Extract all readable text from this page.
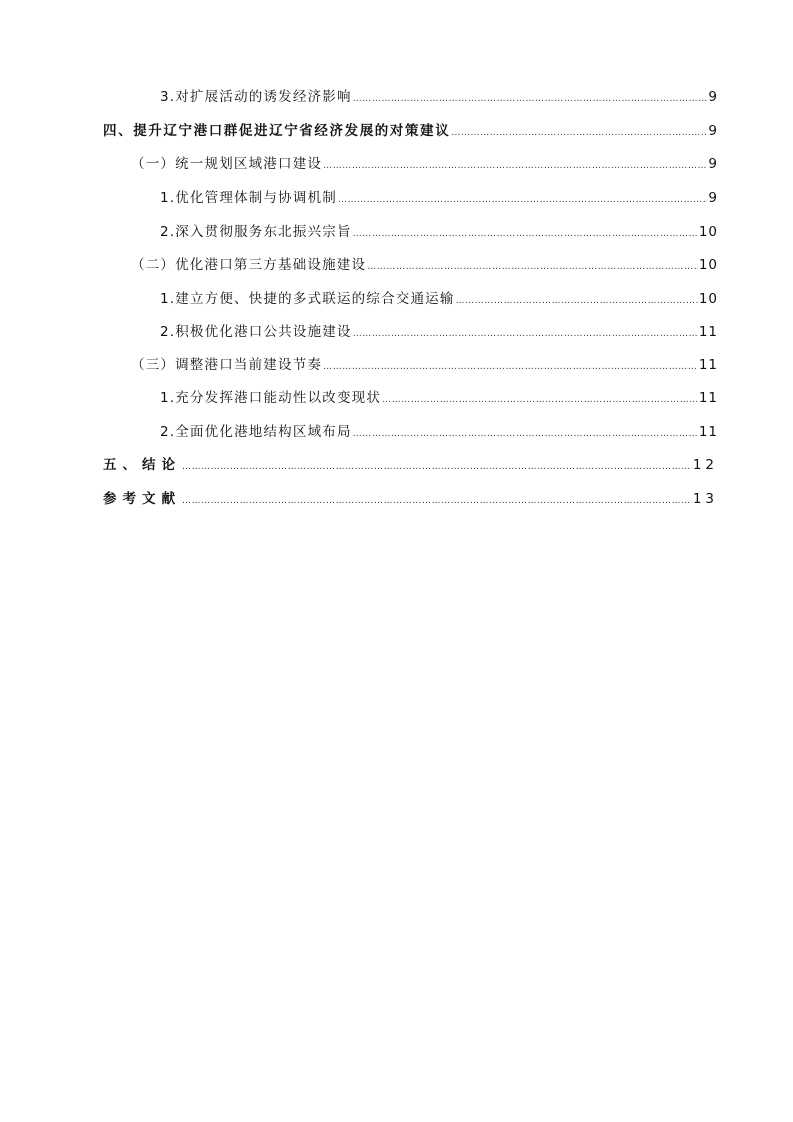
3.对扩展活动的诱发经济影响 …………………………………………………………………………………………………………………………………………………………………………………………………………………………………………………………………………	9
四、提升辽宁港口群促进辽宁省经济发展的对策建议 …………………………………………………………………………………………………………………………………………………………………………………………………………………………………………………………………………	9
（一）统一规划区域港口建设 …………………………………………………………………………………………………………………………………………………………………………………………………………………………………………………………………………	9
1.优化管理体制与协调机制 …………………………………………………………………………………………………………………………………………………………………………………………………………………………………………………………………………	9
2.深入贯彻服务东北振兴宗旨 …………………………………………………………………………………………………………………………………………………………………………………………………………………………………………………………………………	10
（二）优化港口第三方基础设施建设 …………………………………………………………………………………………………………………………………………………………………………………………………………………………………………………………………………	10
1.建立方便、快捷的多式联运的综合交通运输 …………………………………………………………………………………………………………………………………………………………………………………………………………………………………………………………………………	10
2.积极优化港口公共设施建设 …………………………………………………………………………………………………………………………………………………………………………………………………………………………………………………………………………	11
（三）调整港口当前建设节奏 …………………………………………………………………………………………………………………………………………………………………………………………………………………………………………………………………………	11
1.充分发挥港口能动性以改变现状 …………………………………………………………………………………………………………………………………………………………………………………………………………………………………………………………………………	11
2.全面优化港地结构区域布局 …………………………………………………………………………………………………………………………………………………………………………………………………………………………………………………………………………	11
五、结论 …………………………………………………………………………………………………………………………………………………………………………………………………………………………………………………………………………	12
参考文献 …………………………………………………………………………………………………………………………………………………………………………………………………………………………………………………………………………	13
